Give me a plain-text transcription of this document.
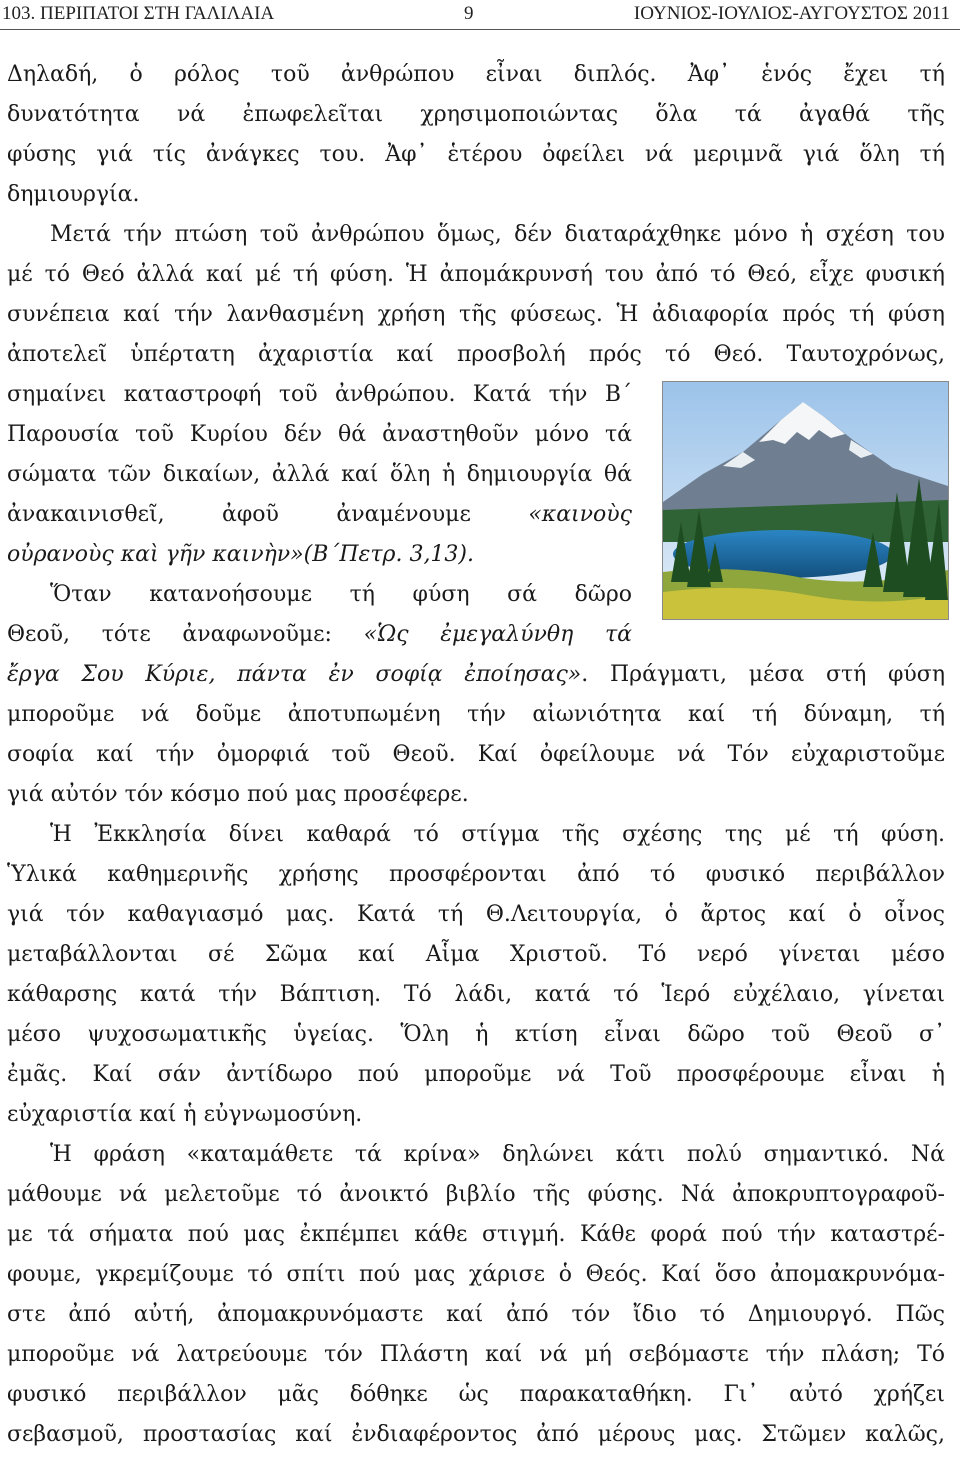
103. ΠΕΡΙΠΑΤΟΙ ΣΤΗ ΓΑΛΙΛΑΙΑ	9	ΙΟΥΝΙΟΣ-ΙΟΥΛΙΟΣ-ΑΥΓΟΥΣΤΟΣ 2011
Δηλαδή, ὁ ρόλος τοῦ ἀνθρώπου εἶναι διπλός. Ἀφ᾽ ἑνός ἔχει τή
δυνατότητα νά ἐπωφελεῖται χρησιμοποιώντας ὅλα τά ἀγαθά τῆς
φύσης γιά τίς ἀνάγκες του. Ἀφ᾽ ἑτέρου ὀφείλει νά μεριμνᾶ γιά ὅλη τή
δημιουργία.
Μετά τήν πτώση τοῦ ἀνθρώπου ὅμως, δέν διαταράχθηκε μόνο ἡ σχέση του
μέ τό Θεό ἀλλά καί μέ τή φύση. Ἡ ἀπομάκρυνσή του ἀπό τό Θεό, εἶχε φυσική
συνέπεια καί τήν λανθασμένη χρήση τῆς φύσεως. Ἡ ἀδιαφορία πρός τή φύση
ἀποτελεῖ ὑπέρτατη ἀχαριστία καί προσβολή πρός τό Θεό. Ταυτοχρόνως,
σημαίνει καταστροφή τοῦ ἀνθρώπου. Κατά τήν Β΄
Παρουσία τοῦ Κυρίου δέν θά ἀναστηθοῦν μόνο τά
σώματα τῶν δικαίων, ἀλλά καί ὅλη ἡ δημιουργία θά
ἀνακαινισθεῖ, ἀφοῦ ἀναμένουμε «καινοὺς
οὐρανοὺς καὶ γῆν καινὴν»(Β΄Πετρ. 3,13).
Ὅταν κατανοήσουμε τή φύση σά δῶρο
Θεοῦ, τότε ἀναφωνοῦμε: «Ὡς ἐμεγαλύνθη τά
ἔργα Σου Κύριε, πάντα ἐν σοφίᾳ ἐποίησας». Πράγματι, μέσα στή φύση
μποροῦμε νά δοῦμε ἀποτυπωμένη τήν αἰωνιότητα καί τή δύναμη, τή
σοφία καί τήν ὀμορφιά τοῦ Θεοῦ. Καί ὀφείλουμε νά Τόν εὐχαριστοῦμε
γιά αὐτόν τόν κόσμο πού μας προσέφερε.
Ἡ Ἐκκλησία δίνει καθαρά τό στίγμα τῆς σχέσης της μέ τή φύση.
Ὑλικά καθημερινῆς χρήσης προσφέρονται ἀπό τό φυσικό περιβάλλον
γιά τόν καθαγιασμό μας. Κατά τή Θ.Λειτουργία, ὁ ἄρτος καί ὁ οἶνος
μεταβάλλονται σέ Σῶμα καί Αἷμα Χριστοῦ. Τό νερό γίνεται μέσο
κάθαρσης κατά τήν Βάπτιση. Τό λάδι, κατά τό Ἱερό εὐχέλαιο, γίνεται
μέσο ψυχοσωματικῆς ὑγείας. Ὅλη ἡ κτίση εἶναι δῶρο τοῦ Θεοῦ σ᾽
ἐμᾶς. Καί σάν ἀντίδωρο πού μποροῦμε νά Τοῦ προσφέρουμε εἶναι ἡ
εὐχαριστία καί ἡ εὐγνωμοσύνη.
Ἡ φράση «καταμάθετε τά κρίνα» δηλώνει κάτι πολύ σημαντικό. Νά
μάθουμε νά μελετοῦμε τό ἀνοικτό βιβλίο τῆς φύσης. Νά ἀποκρυπτογραφοῦ-
με τά σήματα πού μας ἐκπέμπει κάθε στιγμή. Κάθε φορά πού τήν καταστρέ-
φουμε, γκρεμίζουμε τό σπίτι πού μας χάρισε ὁ Θεός. Καί ὅσο ἀπομακρυνόμα-
στε ἀπό αὐτή, ἀπομακρυνόμαστε καί ἀπό τόν ἴδιο τό Δημιουργό. Πῶς
μποροῦμε νά λατρεύουμε τόν Πλάστη καί νά μή σεβόμαστε τήν πλάση; Τό
φυσικό περιβάλλον μᾶς δόθηκε ὡς παρακαταθήκη. Γι᾽ αὐτό χρήζει
σεβασμοῦ, προστασίας καί ἐνδιαφέροντος ἀπό μέρους μας. Στῶμεν καλῶς,
